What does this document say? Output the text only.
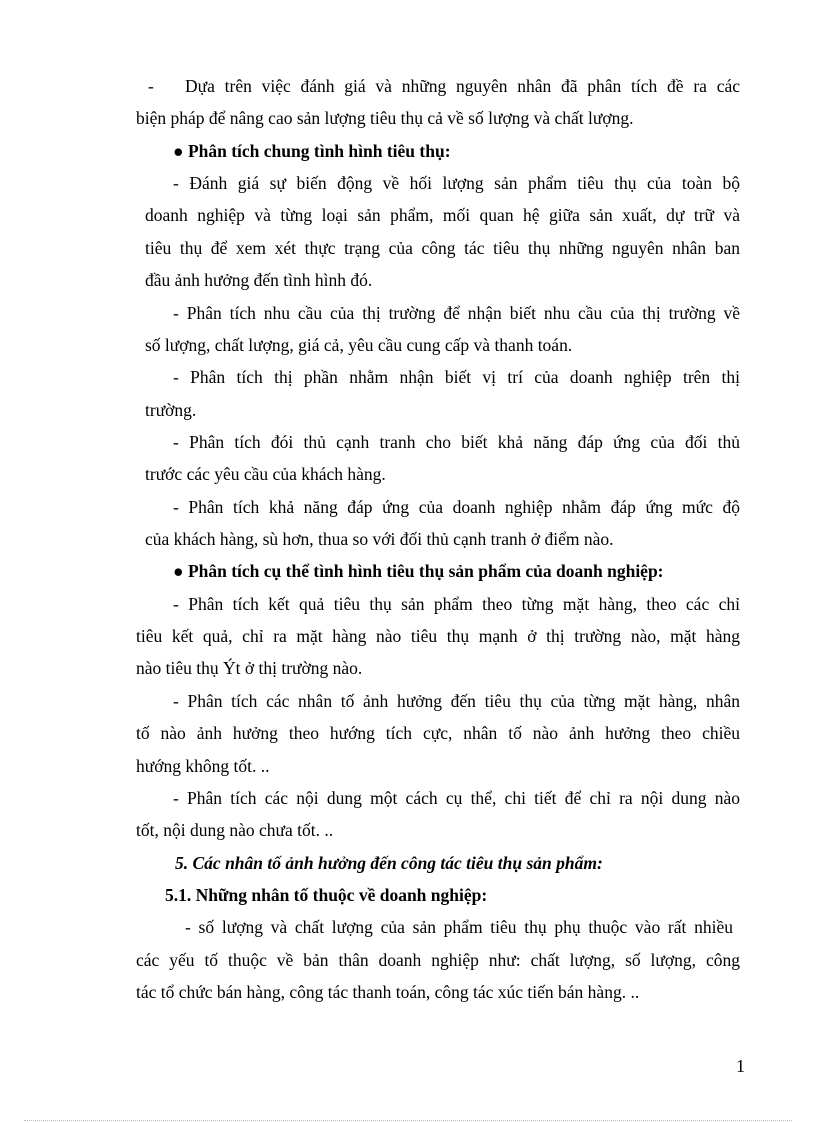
- Dựa trên việc đánh giá và những nguyên nhân đã phân tích đề ra các
biện pháp để nâng cao sản lượng tiêu thụ cả về số lượng và chất lượng.
● Phân tích chung tình hình tiêu thụ:
- Đánh giá sự biến động về hối lượng sản phẩm tiêu thụ của toàn bộ
doanh nghiệp và từng loại sản phẩm, mối quan hệ giữa sản xuất, dự trữ và
tiêu thụ để xem xét thực trạng của công tác tiêu thụ những nguyên nhân ban
đầu ảnh hưởng đến tình hình đó.
- Phân tích nhu cầu của thị trường để nhận biết nhu cầu của thị trường về
số lượng, chất lượng, giá cả, yêu cầu cung cấp và thanh toán.
- Phân tích thị phần nhằm nhận biết vị trí của doanh nghiệp trên thị
trường.
- Phân tích đói thủ cạnh tranh cho biết khả năng đáp ứng của đối thủ
trước các yêu cầu của khách hàng.
- Phân tích khả năng đáp ứng của doanh nghiệp nhằm đáp ứng mức độ
của khách hàng, sù hơn, thua so với đối thủ cạnh tranh ở điểm nào.
● Phân tích cụ thể tình hình tiêu thụ sản phẩm của doanh nghiệp:
- Phân tích kết quả tiêu thụ sản phẩm theo từng mặt hàng, theo các chỉ
tiêu kết quả, chỉ ra mặt hàng nào tiêu thụ mạnh ở thị trường nào, mặt hàng
nào tiêu thụ Ýt ở thị trường nào.
- Phân tích các nhân tố ảnh hưởng đến tiêu thụ của từng mặt hàng, nhân
tố nào ảnh hưởng theo hướng tích cực, nhân tố nào ảnh hưởng theo chiều
hướng không tốt. ..
- Phân tích các nội dung một cách cụ thể, chi tiết để chỉ ra nội dung nào
tốt, nội dung nào chưa tốt. ..
5. Các nhân tố ảnh hưởng đến công tác tiêu thụ sản phẩm:
5.1. Những nhân tố thuộc về doanh nghiệp:
- số lượng và chất lượng của sản phẩm tiêu thụ phụ thuộc vào rất nhiều
các yếu tố thuộc về bản thân doanh nghiệp như: chất lượng, số lượng, công
tác tổ chức bán hàng, công tác thanh toán, công tác xúc tiến bán hàng. ..
1
